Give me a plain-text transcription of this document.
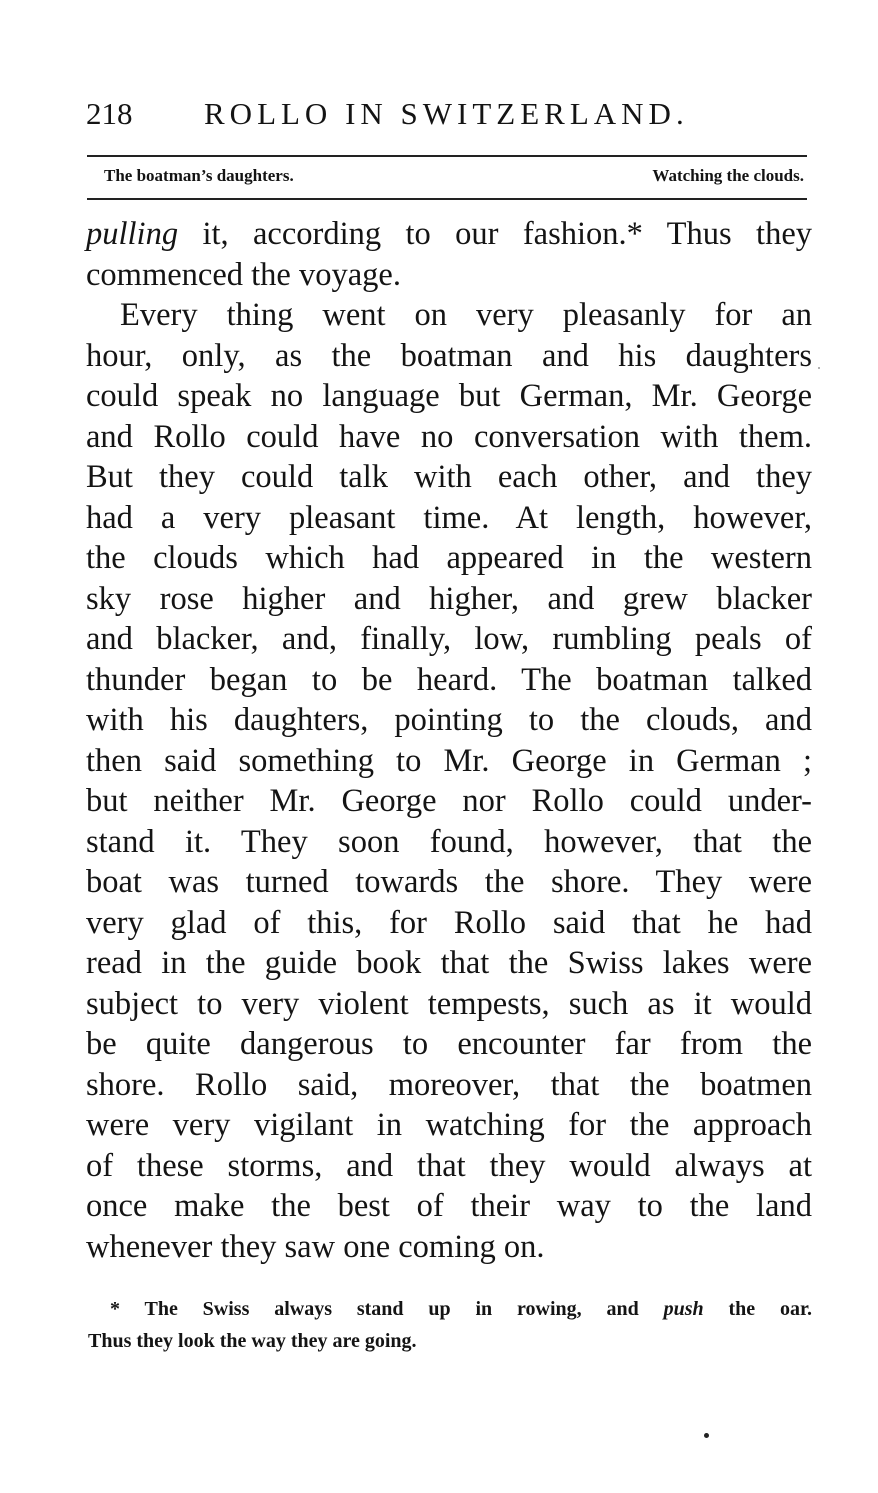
218 ROLLO IN SWITZERLAND.
The boatman’s daughters.	Watching the clouds.
pulling it, according to our fashion.* Thus they
commenced the voyage.
Every thing went on very pleasanly for an
hour, only, as the boatman and his daughters
could speak no language but German, Mr. George
and Rollo could have no conversation with them.
But they could talk with each other, and they
had a very pleasant time. At length, however,
the clouds which had appeared in the western
sky rose higher and higher, and grew blacker
and blacker, and, finally, low, rumbling peals of
thunder began to be heard. The boatman talked
with his daughters, pointing to the clouds, and
then said something to Mr. George in German ;
but neither Mr. George nor Rollo could under-
stand it. They soon found, however, that the
boat was turned towards the shore. They were
very glad of this, for Rollo said that he had
read in the guide book that the Swiss lakes were
subject to very violent tempests, such as it would
be quite dangerous to encounter far from the
shore. Rollo said, moreover, that the boatmen
were very vigilant in watching for the approach
of these storms, and that they would always at
once make the best of their way to the land
whenever they saw one coming on.
* The Swiss always stand up in rowing, and push the oar.
Thus they look the way they are going.
